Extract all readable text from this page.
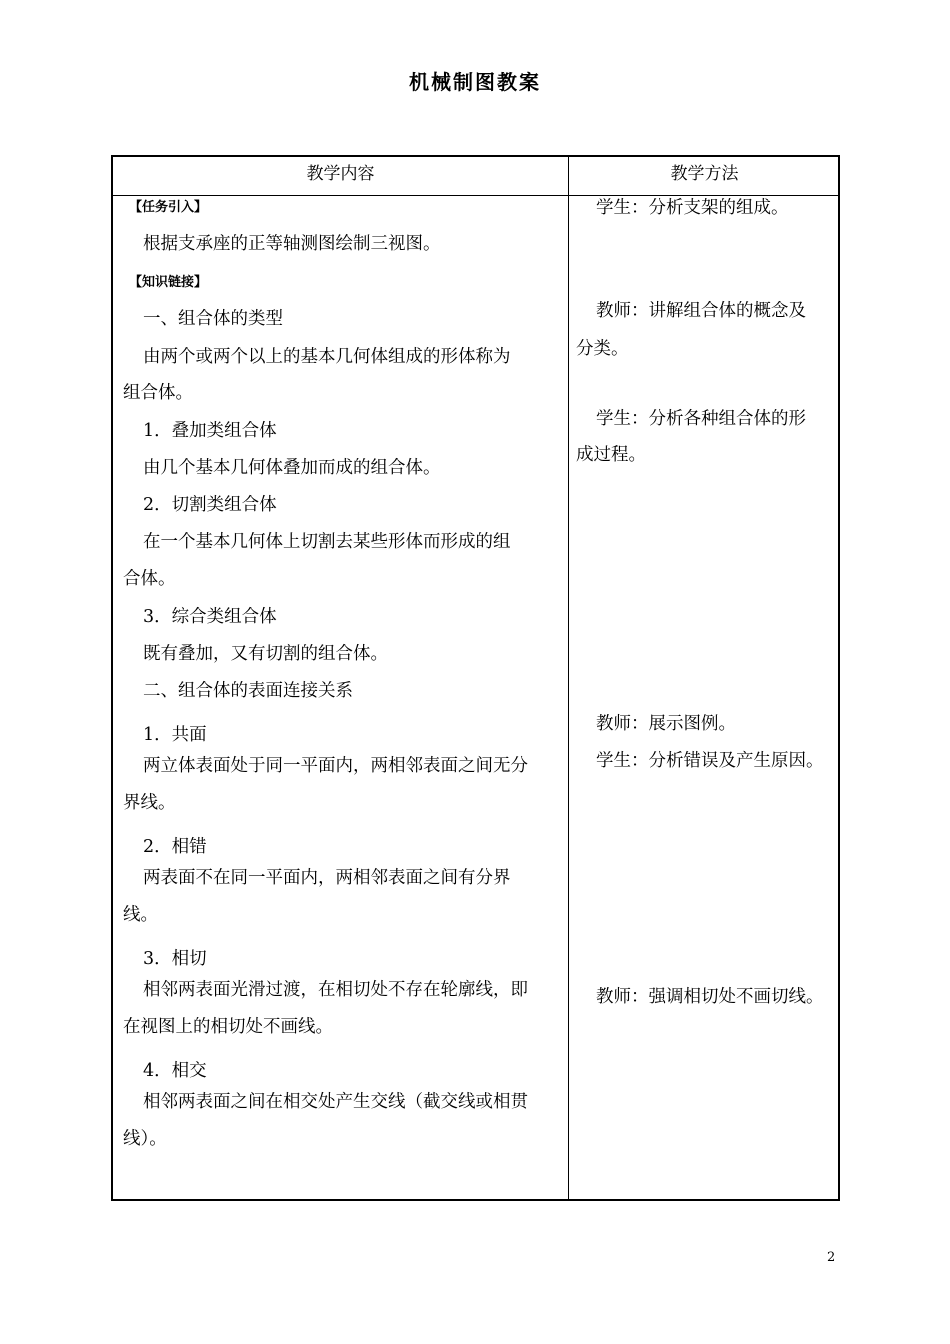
机械制图教案
教学内容	教学方法
【任务引入】
根据支承座的正等轴测图绘制三视图。
【知识链接】
一、组合体的类型
由两个或两个以上的基本几何体组成的形体称为
组合体。
1．叠加类组合体
由几个基本几何体叠加而成的组合体。
2．切割类组合体
在一个基本几何体上切割去某些形体而形成的组
合体。
3．综合类组合体
既有叠加，又有切割的组合体。
二、组合体的表面连接关系
1．共面
两立体表面处于同一平面内，两相邻表面之间无分
界线。
2．相错
两表面不在同一平面内，两相邻表面之间有分界
线。
3．相切
相邻两表面光滑过渡，在相切处不存在轮廓线，即
在视图上的相切处不画线。
4．相交
相邻两表面之间在相交处产生交线（截交线或相贯
线）。
学生：分析支架的组成。
教师：讲解组合体的概念及
分类。
学生：分析各种组合体的形
成过程。
教师：展示图例。
学生：分析错误及产生原因。
教师：强调相切处不画切线。
2
